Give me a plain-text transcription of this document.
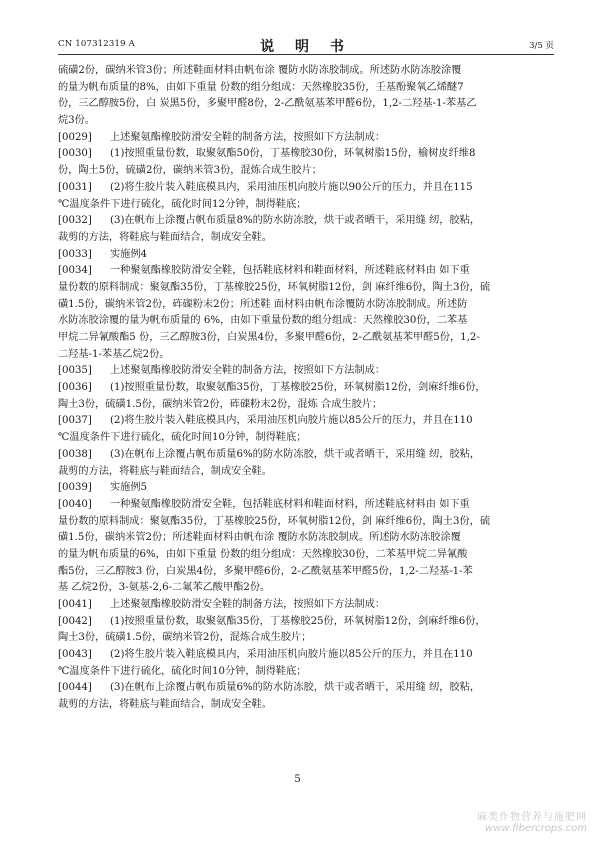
CN 107312319 A	说 明 书	3/5 页
硫磺2份，碳纳米管3份；所述鞋面材料由帆布涂 覆防水防冻胶制成。所述防水防冻胶涂覆
的量为帆布质量的8%，由如下重量 份数的组分组成：天然橡胶35份，壬基酚聚氧乙烯醚7
份，三乙醇胺5份，白 炭黑5份，多聚甲醛8份，2-乙酰氨基苯甲醛6份，1,2-二羟基-1-苯基乙
烷3份。
[0029]	上述聚氨酯橡胶防滑安全鞋的制备方法，按照如下方法制成：
[0030]	(1)按照重量份数，取聚氨酯50份，丁基橡胶30份，环氧树脂15份，榆树皮纤维8
份，陶土5份，硫磺2份，碳纳米管3份，混炼合成生胶片；
[0031]	(2)将生胶片装入鞋底模具内，采用油压机向胶片施以90公斤的压力，并且在115
℃温度条件下进行硫化，硫化时间12分钟，制得鞋底；
[0032]	(3)在帆布上涂覆占帆布质量8%的防水防冻胶，烘干或者晒干，采用缝 纫，胶粘，
裁剪的方法，将鞋底与鞋面结合，制成安全鞋。
[0033]	实施例4
[0034]	一种聚氨酯橡胶防滑安全鞋，包括鞋底材料和鞋面材料，所述鞋底材料由 如下重
量份数的原料制成：聚氨酯35份，丁基橡胶25份，环氧树脂12份，剑 麻纤维6份，陶土3份，硫
磺1.5份，碳纳米管2份，砗磲粉末2份；所述鞋 面材料由帆布涂覆防水防冻胶制成。所述防
水防冻胶涂覆的量为帆布质量的 6%，由如下重量份数的组分组成：天然橡胶30份，二苯基
甲烷二异氰酸酯5 份，三乙醇胺3份，白炭黑4份，多聚甲醛6份，2-乙酰氨基苯甲醛5份，1,2-
二羟基-1-苯基乙烷2份。
[0035]	上述聚氨酯橡胶防滑安全鞋的制备方法，按照如下方法制成：
[0036]	(1)按照重量份数，取聚氨酯35份，丁基橡胶25份，环氧树脂12份，剑麻纤维6份，
陶土3份，硫磺1.5份，碳纳米管2份，砗磲粉末2份，混炼 合成生胶片；
[0037]	(2)将生胶片装入鞋底模具内，采用油压机向胶片施以85公斤的压力，并且在110
℃温度条件下进行硫化，硫化时间10分钟，制得鞋底；
[0038]	(3)在帆布上涂覆占帆布质量6%的防水防冻胶，烘干或者晒干，采用缝 纫，胶粘，
裁剪的方法，将鞋底与鞋面结合，制成安全鞋。
[0039]	实施例5
[0040]	一种聚氨酯橡胶防滑安全鞋，包括鞋底材料和鞋面材料，所述鞋底材料由 如下重
量份数的原料制成：聚氨酯35份，丁基橡胶25份，环氧树脂12份，剑 麻纤维6份，陶土3份，硫
磺1.5份，碳纳米管2份；所述鞋面材料由帆布涂 覆防水防冻胶制成。所述防水防冻胶涂覆
的量为帆布质量的6%，由如下重量 份数的组分组成：天然橡胶30份，二苯基甲烷二异氰酸
酯5份，三乙醇胺3 份，白炭黑4份，多聚甲醛6份，2-乙酰氨基苯甲醛5份，1,2-二羟基-1-苯
基 乙烷2份，3-氨基-2,6-二氟苯乙酸甲酯2份。
[0041]	上述聚氨酯橡胶防滑安全鞋的制备方法，按照如下方法制成：
[0042]	(1)按照重量份数，取聚氨酯35份，丁基橡胶25份，环氧树脂12份，剑麻纤维6份，
陶土3份，硫磺1.5份，碳纳米管2份，混炼合成生胶片；
[0043]	(2)将生胶片装入鞋底模具内，采用油压机向胶片施以85公斤的压力，并且在110
℃温度条件下进行硫化，硫化时间10分钟，制得鞋底；
[0044]	(3)在帆布上涂覆占帆布质量6%的防水防冻胶，烘干或者晒干，采用缝 纫，胶粘，
裁剪的方法，将鞋底与鞋面结合，制成安全鞋。
5
麻类作物营养与施肥网
www.fibercrops.com
